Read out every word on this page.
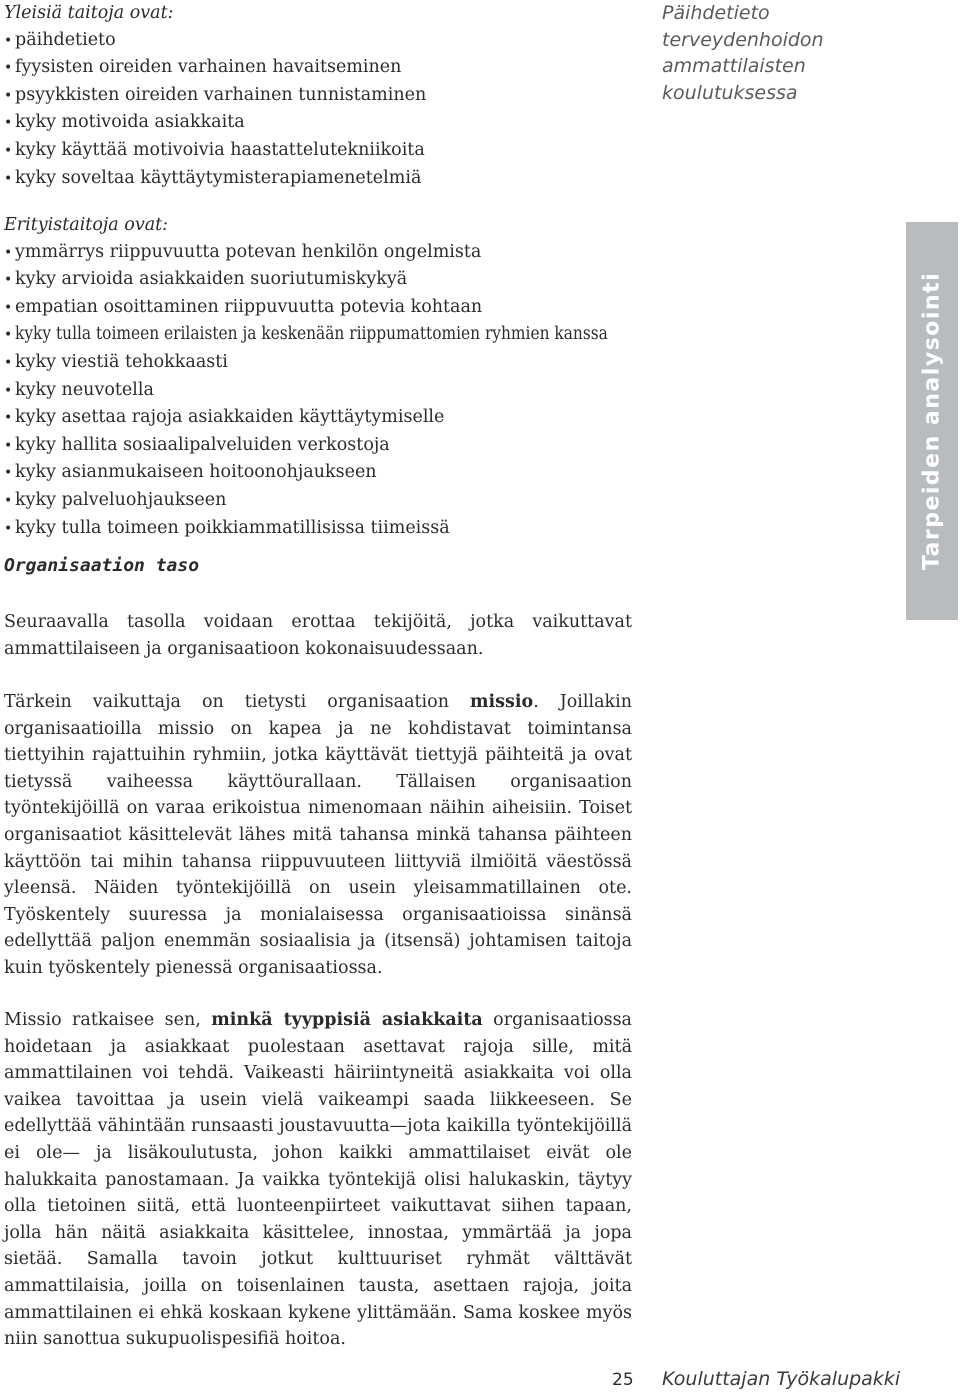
Yleisiä taitoja ovat:

• päihdetieto
• fyysisten oireiden varhainen havaitseminen
• psyykkisten oireiden varhainen tunnistaminen
• kyky motivoida asiakkaita
• kyky käyttää motivoivia haastattelutekniikoita
• kyky soveltaa käyttäytymisterapiamenetelmiä

Erityistaitoja ovat:

• ymmärrys riippuvuutta potevan henkilön ongelmista
• kyky arvioida asiakkaiden suoriutumiskykyä
• empatian osoittaminen riippuvuutta potevia kohtaan
• kyky tulla toimeen erilaisten ja keskenään riippumattomien ryhmien kanssa
• kyky viestiä tehokkaasti
• kyky neuvotella
• kyky asettaa rajoja asiakkaiden käyttäytymiselle
• kyky hallita sosiaalipalveluiden verkostoja
• kyky asianmukaiseen hoitoonohjaukseen
• kyky palveluohjaukseen
• kyky tulla toimeen poikkiammatillisissa tiimeissä
Organisaation taso

Seuraavalla tasolla voidaan erottaa tekijöitä, jotka vaikuttavat ammattilaiseen ja organisaatioon kokonaisuudessaan.

Tärkein vaikuttaja on tietysti organisaation missio. Joillakin organisaatioilla missio on kapea ja ne kohdistavat toimintansa tiettyihin rajattuihin ryhmiin, jotka käyttävät tiettyjä päihteitä ja ovat tietyssä vaiheessa käyttöurallaan. Tällaisen organisaation työntekijöillä on varaa erikoistua nimenomaan näihin aiheisiin. Toiset organisaatiot käsittelevät lähes mitä tahansa minkä tahansa päihteen käyttöön tai mihin tahansa riippuvuuteen liittyviä ilmiöitä väestössä yleensä. Näiden työntekijöillä on usein yleisammatillainen ote. Työskentely suuressa ja monialaisessa organisaatioissa sinänsä edellyttää paljon enemmän sosiaalisia ja (itsensä) johtamisen taitoja kuin työskentely pienessä organisaatiossa.

Missio ratkaisee sen, minkä tyyppisiä asiakkaita organisaatiossa hoidetaan ja asiakkaat puolestaan asettavat rajoja sille, mitä ammattilainen voi tehdä. Vaikeasti häiriintyneitä asiakkaita voi olla vaikea tavoittaa ja usein vielä vaikeampi saada liikkeeseen. Se edellyttää vähintään runsaasti joustavuutta—jota kaikilla työntekijöillä ei ole— ja lisäkoulutusta, johon kaikki ammattilaiset eivät ole halukkaita panostamaan. Ja vaikka työntekijä olisi halukaskin, täytyy olla tietoinen siitä, että luonteenpiirteet vaikuttavat siihen tapaan, jolla hän näitä asiakkaita käsittelee, innostaa, ymmärtää ja jopa sietää. Samalla tavoin jotkut kulttuuriset ryhmät välttävät ammattilaisia, joilla on toisenlainen tausta, asettaen rajoja, joita ammattilainen ei ehkä koskaan kykene ylittämään. Sama koskee myös niin sanottua sukupuolispesifiä hoitoa.

Päihdetieto
terveydenhoidon
ammattilaisten
koulutuksessa
Tarpeiden analysointi
25 Kouluttajan Työkalupakki
